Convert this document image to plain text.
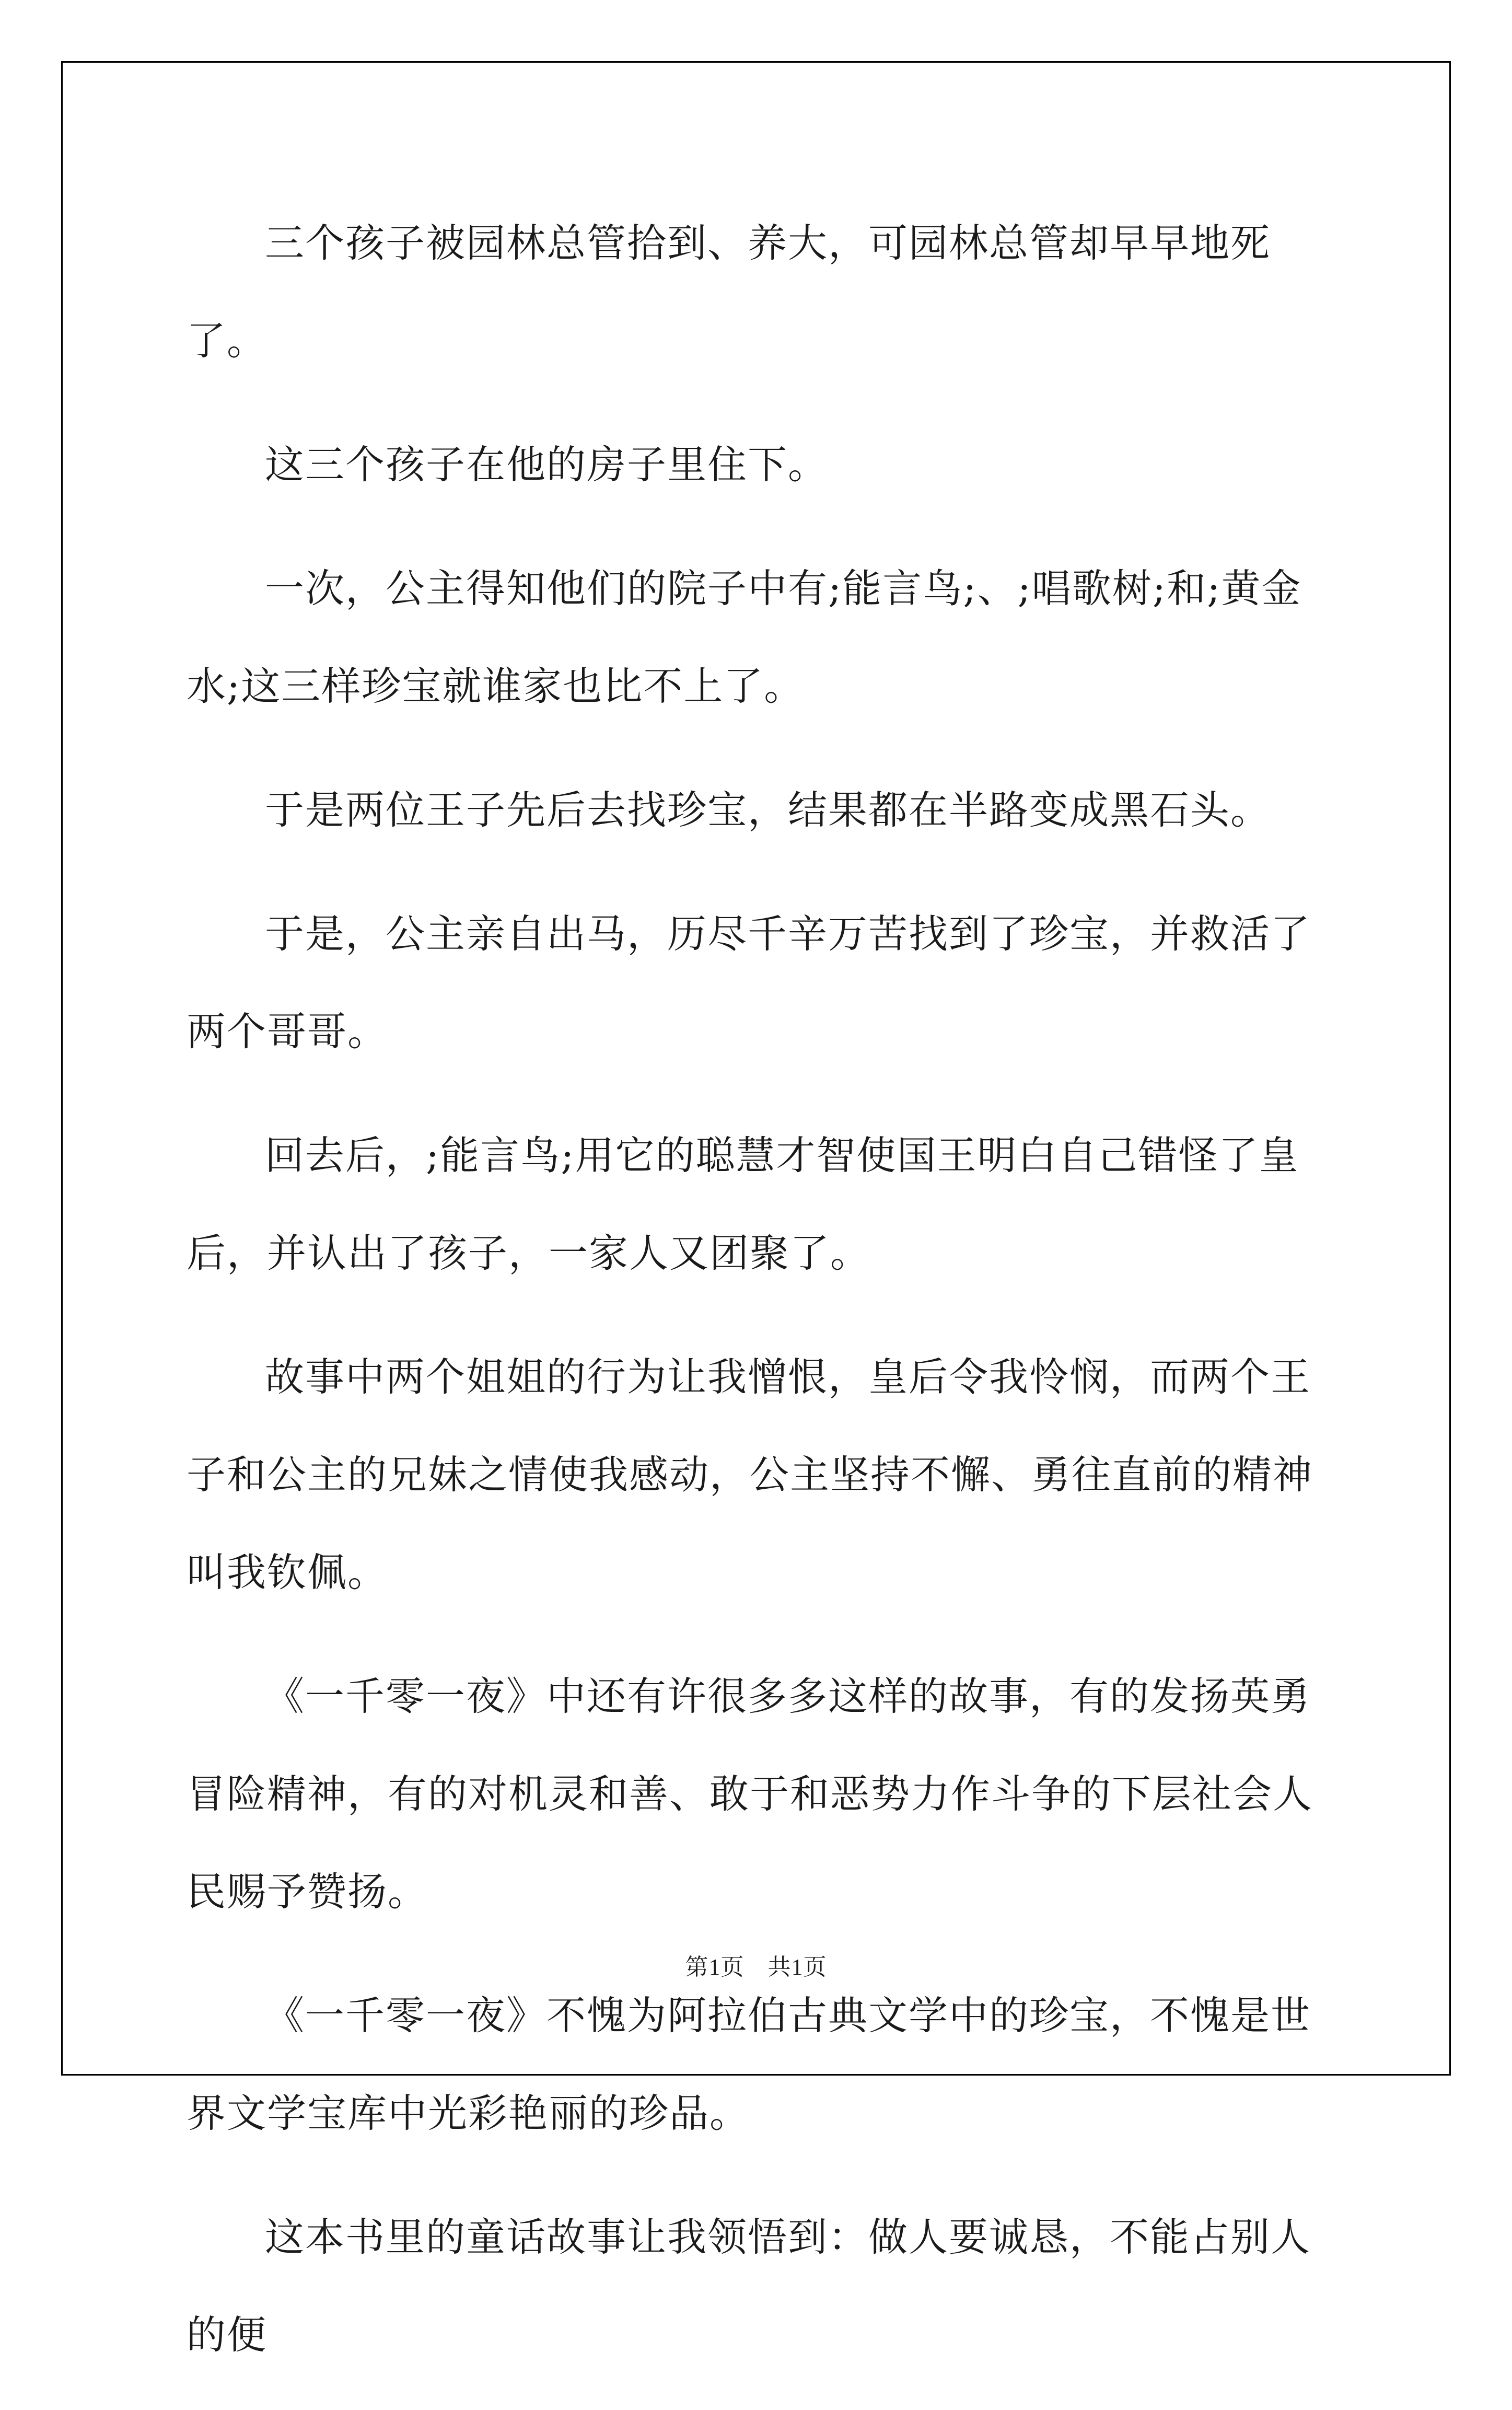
三个孩子被园林总管拾到、养大，可园林总管却早早地死了。

这三个孩子在他的房子里住下。

一次，公主得知他们的院子中有;能言鸟;、;唱歌树;和;黄金水;这三样珍宝就谁家也比不上了。

于是两位王子先后去找珍宝，结果都在半路变成黑石头。

于是，公主亲自出马，历尽千辛万苦找到了珍宝，并救活了两个哥哥。

回去后，;能言鸟;用它的聪慧才智使国王明白自己错怪了皇后，并认出了孩子，一家人又团聚了。

故事中两个姐姐的行为让我憎恨，皇后令我怜悯，而两个王子和公主的兄妹之情使我感动，公主坚持不懈、勇往直前的精神叫我钦佩。

《一千零一夜》中还有许很多多这样的故事，有的发扬英勇冒险精神，有的对机灵和善、敢于和恶势力作斗争的下层社会人民赐予赞扬。

《一千零一夜》不愧为阿拉伯古典文学中的珍宝，不愧是世界文学宝库中光彩艳丽的珍品。

这本书里的童话故事让我领悟到：做人要诚恳，不能占别人的便

第1页　共1页
